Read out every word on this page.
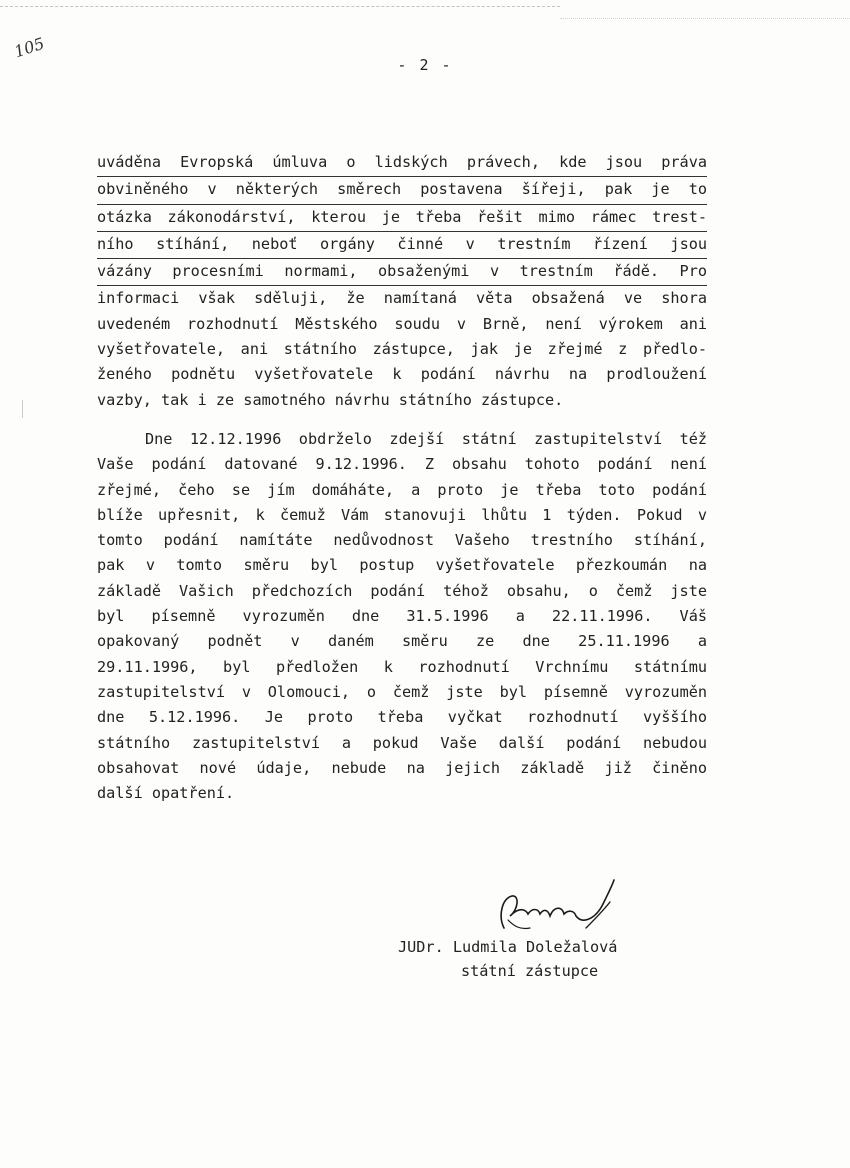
105
- 2 -
uváděna Evropská úmluva o lidských právech, kde jsou práva
obviněného v některých směrech postavena šířeji, pak je to
otázka zákonodárství, kterou je třeba řešit mimo rámec trest-
ního stíhání, neboť orgány činné v trestním řízení jsou
vázány procesními normami, obsaženými v trestním řádě. Pro
informaci však sděluji, že namítaná věta obsažená ve shora
uvedeném rozhodnutí Městského soudu v Brně, není výrokem ani
vyšetřovatele, ani státního zástupce, jak je zřejmé z předlo-
ženého podnětu vyšetřovatele k podání návrhu na prodloužení
vazby, tak i ze samotného návrhu státního zástupce.
Dne 12.12.1996 obdrželo zdejší státní zastupitelství též
Vaše podání datované 9.12.1996. Z obsahu tohoto podání není
zřejmé, čeho se jím domáháte, a proto je třeba toto podání
blíže upřesnit, k čemuž Vám stanovuji lhůtu 1 týden. Pokud v
tomto podání namítáte nedůvodnost Vašeho trestního stíhání,
pak v tomto směru byl postup vyšetřovatele přezkoumán na
základě Vašich předchozích podání téhož obsahu, o čemž jste
byl písemně vyrozuměn dne 31.5.1996 a 22.11.1996. Váš
opakovaný podnět v daném směru ze dne 25.11.1996 a
29.11.1996, byl předložen k rozhodnutí Vrchnímu státnímu
zastupitelství v Olomouci, o čemž jste byl písemně vyrozuměn
dne 5.12.1996. Je proto třeba vyčkat rozhodnutí vyššího
státního zastupitelství a pokud Vaše další podání nebudou
obsahovat nové údaje, nebude na jejich základě již činěno
další opatření.
JUDr. Ludmila Doležalová
státní zástupce
